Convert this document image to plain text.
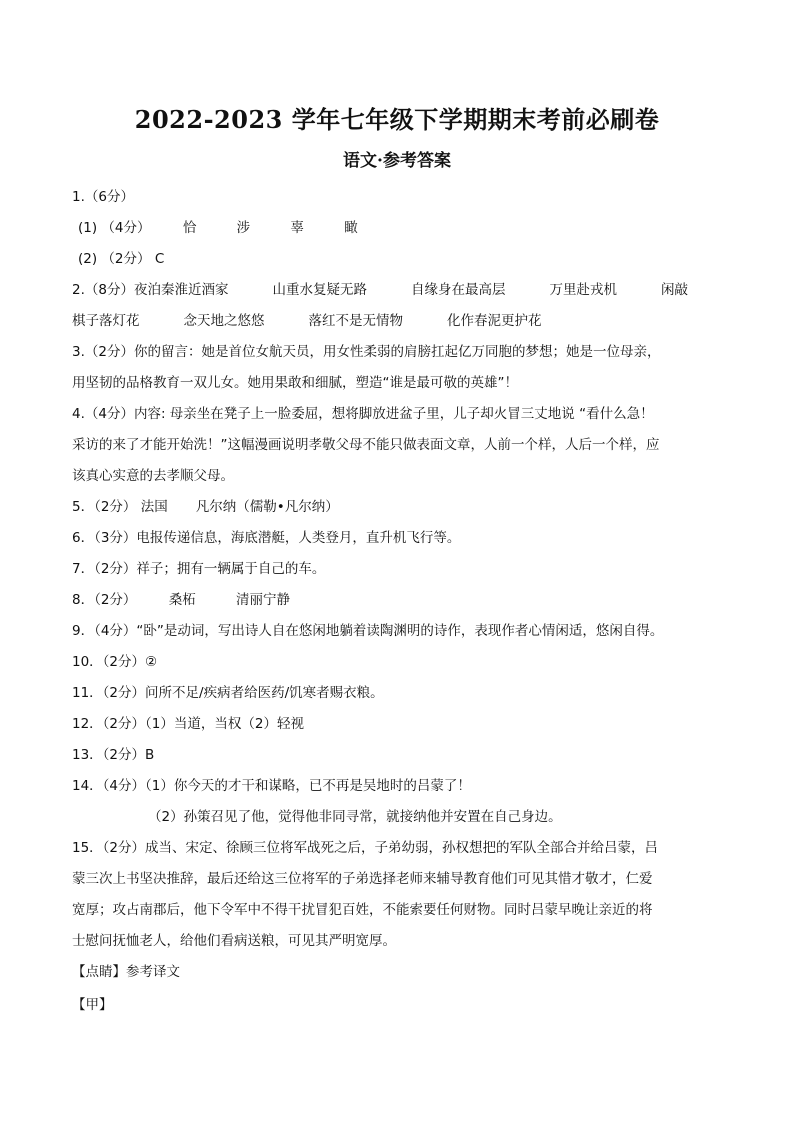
2022-2023 学年七年级下学期期末考前必刷卷
语文·参考答案
1.（6分）
(1) （4分） 恰	涉	辜	瞰
(2) （2分） C
2.（8分）夜泊秦淮近酒家	山重水复疑无路	自缘身在最高层	万里赴戎机	闲敲
棋子落灯花	念天地之悠悠	落红不是无情物	化作春泥更护花
3.（2分）你的留言：她是首位女航天员，用女性柔弱的肩膀扛起亿万同胞的梦想；她是一位母亲，
用坚韧的品格教育一双儿女。她用果敢和细腻，塑造“谁是最可敬的英雄”！
4.（4分）内容: 母亲坐在凳子上一脸委屈，想将脚放进盆子里，儿子却火冒三丈地说 “看什么急！
采访的来了才能开始洗！”这幅漫画说明孝敬父母不能只做表面文章，人前一个样，人后一个样，应
该真心实意的去孝顺父母。
5．（2分） 法国 凡尔纳（儒勒•凡尔纳）
6．（3分）电报传递信息，海底潜艇，人类登月，直升机飞行等。
7．（2分）祥子；拥有一辆属于自己的车。
8．（2分） 桑柘	清丽宁静
9．（4分）“卧”是动词，写出诗人自在悠闲地躺着读陶渊明的诗作，表现作者心情闲适，悠闲自得。
10．（2分）②
11．（2分）问所不足/疾病者给医药/饥寒者赐衣粮。
12．（2分）（1）当道，当权（2）轻视
13．（2分）B
14．（4分）（1）你今天的才干和谋略，已不再是吴地时的吕蒙了！
（2）孙策召见了他，觉得他非同寻常，就接纳他并安置在自己身边。
15．（2分）成当、宋定、徐顾三位将军战死之后，子弟幼弱，孙权想把的军队全部合并给吕蒙，吕
蒙三次上书坚决推辞，最后还给这三位将军的子弟选择老师来辅导教育他们可见其惜才敬才，仁爱
宽厚；攻占南郡后，他下令军中不得干扰冒犯百姓，不能索要任何财物。同时吕蒙早晚让亲近的将
士慰问抚恤老人，给他们看病送粮，可见其严明宽厚。
【点睛】参考译文
【甲】
